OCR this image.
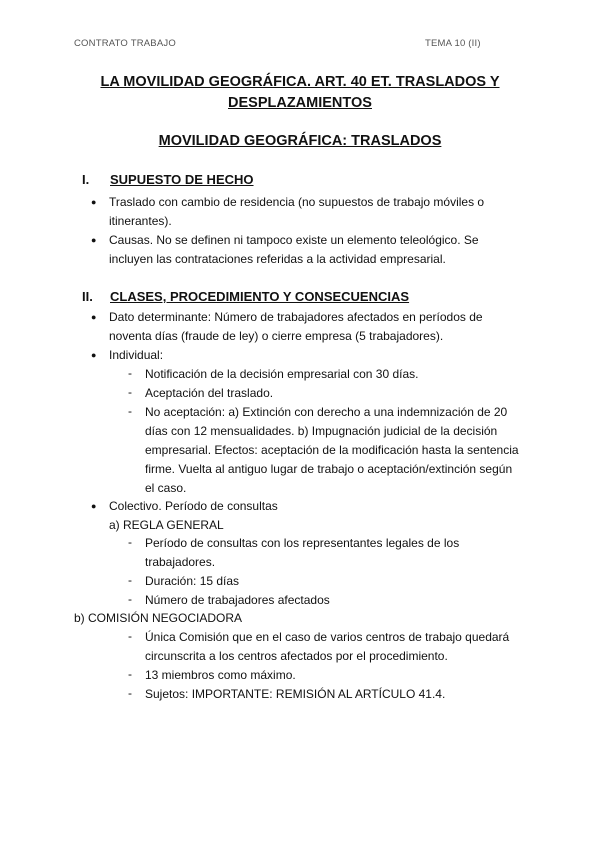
CONTRATO TRABAJO	TEMA 10 (II)
LA MOVILIDAD GEOGRÁFICA. ART. 40 ET. TRASLADOS Y
DESPLAZAMIENTOS
MOVILIDAD GEOGRÁFICA: TRASLADOS
I. SUPUESTO DE HECHO
● Traslado con cambio de residencia (no supuestos de trabajo móviles o
itinerantes).
● Causas. No se definen ni tampoco existe un elemento teleológico. Se
incluyen las contrataciones referidas a la actividad empresarial.
II. CLASES, PROCEDIMIENTO Y CONSECUENCIAS
● Dato determinante: Número de trabajadores afectados en períodos de
noventa días (fraude de ley) o cierre empresa (5 trabajadores).
● Individual:
- Notificación de la decisión empresarial con 30 días.
- Aceptación del traslado.
- No aceptación: a) Extinción con derecho a una indemnización de 20
días con 12 mensualidades. b) Impugnación judicial de la decisión
empresarial. Efectos: aceptación de la modificación hasta la sentencia
firme. Vuelta al antiguo lugar de trabajo o aceptación/extinción según
el caso.
● Colectivo. Período de consultas
a) REGLA GENERAL
- Período de consultas con los representantes legales de los
trabajadores.
- Duración: 15 días
- Número de trabajadores afectados
b) COMISIÓN NEGOCIADORA
- Única Comisión que en el caso de varios centros de trabajo quedará
circunscrita a los centros afectados por el procedimiento.
- 13 miembros como máximo.
- Sujetos: IMPORTANTE: REMISIÓN AL ARTÍCULO 41.4.
